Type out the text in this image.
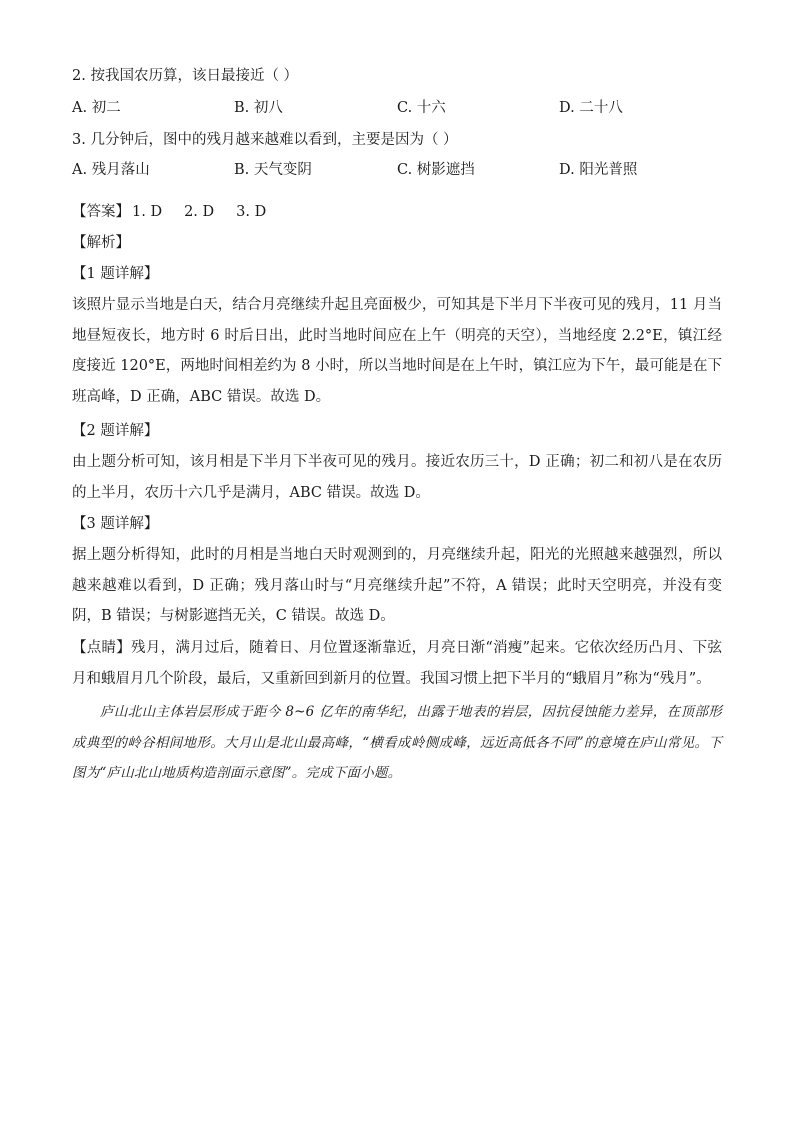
2. 按我国农历算，该日最接近（ ）
A. 初二	B. 初八	C. 十六	D. 二十八
3. 几分钟后，图中的残月越来越难以看到，主要是因为（ ）
A. 残月落山	B. 天气变阴	C. 树影遮挡	D. 阳光普照
【答案】 1. D 2. D 3. D
【解析】
【1 题详解】
该照片显示当地是白天，结合月亮继续升起且亮面极少，可知其是下半月下半夜可见的残月，11 月当地昼短夜长，地方时 6 时后日出，此时当地时间应在上午（明亮的天空），当地经度 2.2°E，镇江经度接近 120°E，两地时间相差约为 8 小时，所以当地时间是在上午时，镇江应为下午，最可能是在下班高峰，D 正确，ABC 错误。故选 D。
【2 题详解】
由上题分析可知，该月相是下半月下半夜可见的残月。接近农历三十，D 正确；初二和初八是在农历的上半月，农历十六几乎是满月，ABC 错误。故选 D。
【3 题详解】
据上题分析得知，此时的月相是当地白天时观测到的，月亮继续升起，阳光的光照越来越强烈，所以越来越难以看到，D 正确；残月落山时与“月亮继续升起”不符，A 错误；此时天空明亮，并没有变阴，B 错误；与树影遮挡无关，C 错误。故选 D。
【点睛】残月，满月过后，随着日、月位置逐渐靠近，月亮日渐“消瘦”起来。它依次经历凸月、下弦月和蛾眉月几个阶段，最后，又重新回到新月的位置。我国习惯上把下半月的“蛾眉月”称为“残月”。
庐山北山主体岩层形成于距今 8~6 亿年的南华纪，出露于地表的岩层，因抗侵蚀能力差异，在顶部形成典型的岭谷相间地形。大月山是北山最高峰，“横看成岭侧成峰，远近高低各不同”的意境在庐山常见。下图为“庐山北山地质构造剖面示意图”。完成下面小题。
